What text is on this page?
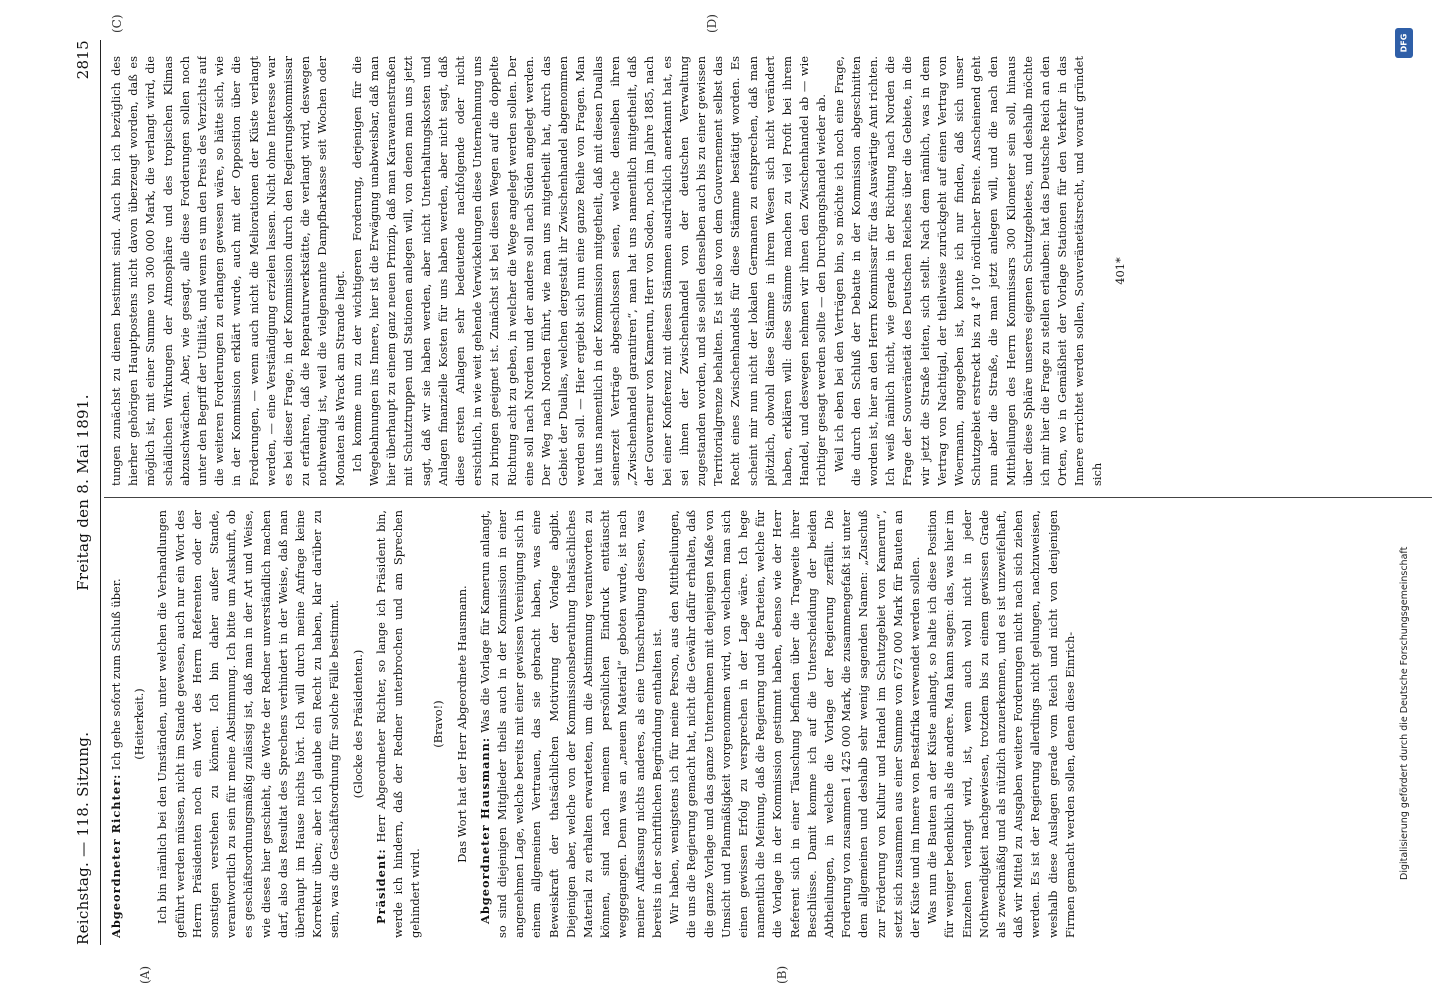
Reichstag. — 118. Sitzung.
Freitag den 8. Mai 1891.
2815
(A)	(B)
(C)	(D)

Abgeordneter Richter: Ich gehe sofort zum Schluß über. (Heiterkeit.) Ich bin nämlich bei den Umständen, unter welchen die Verhandlungen geführt werden müssen, nicht im Stande gewesen, auch nur ein Wort des Herrn Präsidenten noch ein Wort des Herrn Referenten oder der sonstigen verstehen zu können. Ich bin daher außer Stande, verantwortlich zu sein für meine Abstimmung. Ich bitte um Auskunft, ob es geschäftsordnungsmäßig zulässig ist, daß man in der Art und Weise, wie dieses hier geschieht, die Worte der Redner unverständlich machen darf, also das Resultat des Sprechens verhindert in der Weise, daß man überhaupt im Hause nichts hört. Ich will durch meine Anfrage keine Korrektur üben; aber ich glaube ein Recht zu haben, klar darüber zu sein, was die Geschäftsordnung für solche Fälle bestimmt. (Glocke des Präsidenten.)

Präsident: Herr Abgeordneter Richter, so lange ich Präsident bin, werde ich hindern, daß der Redner unterbrochen und am Sprechen gehindert wird.

(Bravo!) Das Wort hat der Herr Abgeordnete Hausmann. Abgeordneter Hausmann: Was die Vorlage für Kamerun anlangt, so sind diejenigen Mitglieder theils auch in der Kommission in einer angenehmen Lage, welche bereits mit einer gewissen Vereinigung sich in einem allgemeinen Vertrauen, das sie gebracht haben, was eine Beweiskraft der thatsächlichen Motivirung der Vorlage abgibt. Diejenigen aber, welche von der Kommissionsberathung thatsächliches Material zu erhalten erwarteten, um die Abstimmung verantworten zu können, sind nach meinem persönlichen Eindruck enttäuscht weggegangen. Denn was an „neuem Material“ geboten wurde, ist nach meiner Auffassung nichts anderes, als eine Umschreibung dessen, was bereits in der schriftlichen Begründung enthalten ist. Wir haben, wenigstens ich für meine Person, aus den Mittheilungen, die uns die Regierung gemacht hat, nicht die Gewähr dafür erhalten, daß die ganze Vorlage und das ganze Unternehmen mit denjenigen Maße von Umsicht und Planmäßigkeit vorgenommen wird, von welchem man sich einen gewissen Erfolg zu versprechen in der Lage wäre. Ich hege namentlich die Meinung, daß die Regierung und die Parteien, welche für die Vorlage in der Kommission gestimmt haben, ebenso wie der Herr Referent sich in einer Täuschung befinden über die Tragweite ihrer Beschlüsse. Damit komme ich auf die Unterscheidung der beiden Abtheilungen, in welche die Vorlage der Regierung zerfällt. Die Forderung von zusammen 1 425 000 Mark, die zusammengefaßt ist unter dem allgemeinen und deshalb sehr wenig sagenden Namen: „Zuschuß zur Förderung von Kultur und Handel im Schutzgebiet von Kamerun“, setzt sich zusammen aus einer Summe von 672 000 Mark für Bauten an der Küste und im Innere von Bestafrika verwendet werden sollen. Was nun die Bauten an der Küste anlangt, so halte ich diese Position für weniger bedenklich als die andere. Man kann sagen: das, was hier im Einzelnen verlangt wird, ist, wenn auch wohl nicht in jeder Nothwendigkeit nachgewiesen, trotzdem bis zu einem gewissen Grade als zweckmäßig und als nützlich anzuerkennen, und es ist unzweifelhaft, daß wir Mittel zu Ausgaben weitere Forderungen nicht nach sich ziehen werden. Es ist der Regierung allerdings nicht gelungen, nachzuweisen, weshalb diese Auslagen gerade vom Reich und nicht von denjenigen Firmen gemacht werden sollen, denen diese Einrich-

tungen zunächst zu dienen bestimmt sind. Auch bin ich bezüglich des hierher gehörigen Hauptpostens nicht davon überzeugt worden, daß es möglich ist, mit einer Summe von 300 000 Mark, die verlangt wird, die schädlichen Wirkungen der Atmosphäre und des tropischen Klimas abzuschwächen. Aber, wie gesagt, alle diese Forderungen sollen noch unter den Begriff der Utilität, und wenn es um den Preis des Verzichts auf die weiteren Forderungen zu erlangen gewesen wäre, so hätte sich, wie in der Kommission erklärt wurde, auch mit der Opposition über die Forderungen, — wenn auch nicht die Meliorationen der Küste verlangt werden, — eine Verständigung erzielen lassen. Nicht ohne Interesse war es bei dieser Frage, in der Kommission durch den Regierungskommissar zu erfahren, daß die Reparaturwerkstätte, die verlangt wird, deswegen nothwendig ist, weil die vielgenannte Dampfbarkasse seit Wochen oder Monaten als Wrack am Strande liegt. Ich komme nun zu der wichtigeren Forderung, derjenigen für die Wegebahnungen ins Innere, hier ist die Erwägung unabweisbar, daß man hier überhaupt zu einem ganz neuen Prinzip, daß man Karawanenstraßen mit Schutztruppen und Stationen anlegen will, von denen man uns jetzt sagt, daß wir sie haben werden, aber nicht Unterhaltungskosten und Anlagen finanzielle Kosten für uns haben werden, aber nicht sagt, daß diese ersten Anlagen sehr bedeutende nachfolgende oder nicht ersichtlich, in wie weit gehende Verwickelungen diese Unternehmung uns zu bringen geeignet ist. Zunächst ist bei diesen Wegen auf die doppelte Richtung acht zu geben, in welcher die Wege angelegt werden sollen. Der eine soll nach Norden und der andere soll nach Süden angelegt werden. Der Weg nach Norden führt, wie man uns mitgetheilt hat, durch das Gebiet der Duallas, welchen dergestalt ihr Zwischenhandel abgenommen werden soll. — Hier ergiebt sich nun eine ganze Reihe von Fragen. Man hat uns namentlich in der Kommission mitgetheilt, daß mit diesen Duallas seinerzeit Verträge abgeschlossen seien, welche denselben ihren „Zwischenhandel garantiren“, man hat uns namentlich mitgetheilt, daß der Gouverneur von Kamerun, Herr von Soden, noch im Jahre 1885, nach bei einer Konferenz mit diesen Stämmen ausdrücklich anerkannt hat, es sei ihnen der Zwischenhandel von der deutschen Verwaltung zugestanden worden, und sie sollen denselben auch bis zu einer gewissen Territorialgrenze behalten. Es ist also von dem Gouvernement selbst das Recht eines Zwischenhandels für diese Stämme bestätigt worden. Es scheint mir nun nicht der lokalen Germanen zu entsprechen, daß man plötzlich, obwohl diese Stämme in ihrem Wesen sich nicht verändert haben, erklären will: diese Stämme machen zu viel Profit bei ihrem Handel, und deswegen nehmen wir ihnen den Zwischenhandel ab — wie richtiger gesagt werden sollte — den Durchgangshandel wieder ab. Weil ich eben bei den Verträgen bin, so möchte ich noch eine Frage, die durch den Schluß der Debatte in der Kommission abgeschnitten worden ist, hier an den Herrn Kommissar für das Auswärtige Amt richten. Ich weiß nämlich nicht, wie gerade in der Richtung nach Norden die Frage der Souveränetät des Deutschen Reiches über die Gebiete, in die wir jetzt die Straße leiten, sich stellt. Nach dem nämlich, was in dem Vertrag von Nachtigal, der theilweise zurückgeht auf einen Vertrag von Woermann, angegeben ist, konnte ich nur finden, daß sich unser Schutzgebiet erstreckt bis zu 4° 10' nördlicher Breite. Anscheinend geht nun aber die Straße, die man jetzt anlegen will, und die nach den Mittheilungen des Herrn Kommissars 300 Kilometer sein soll, hinaus über diese Sphäre unseres eigenen Schutzgebietes, und deshalb möchte ich mir hier die Frage zu stellen erlauben: hat das Deutsche Reich an den Orten, wo in Gemäßheit der Vorlage Stationen für den Verkehr in das Innere errichtet werden sollen, Souveränetätsrecht, und worauf gründet sich

401*

DFG
Digitalisierung gefördert durch die Deutsche Forschungsgemeinschaft
